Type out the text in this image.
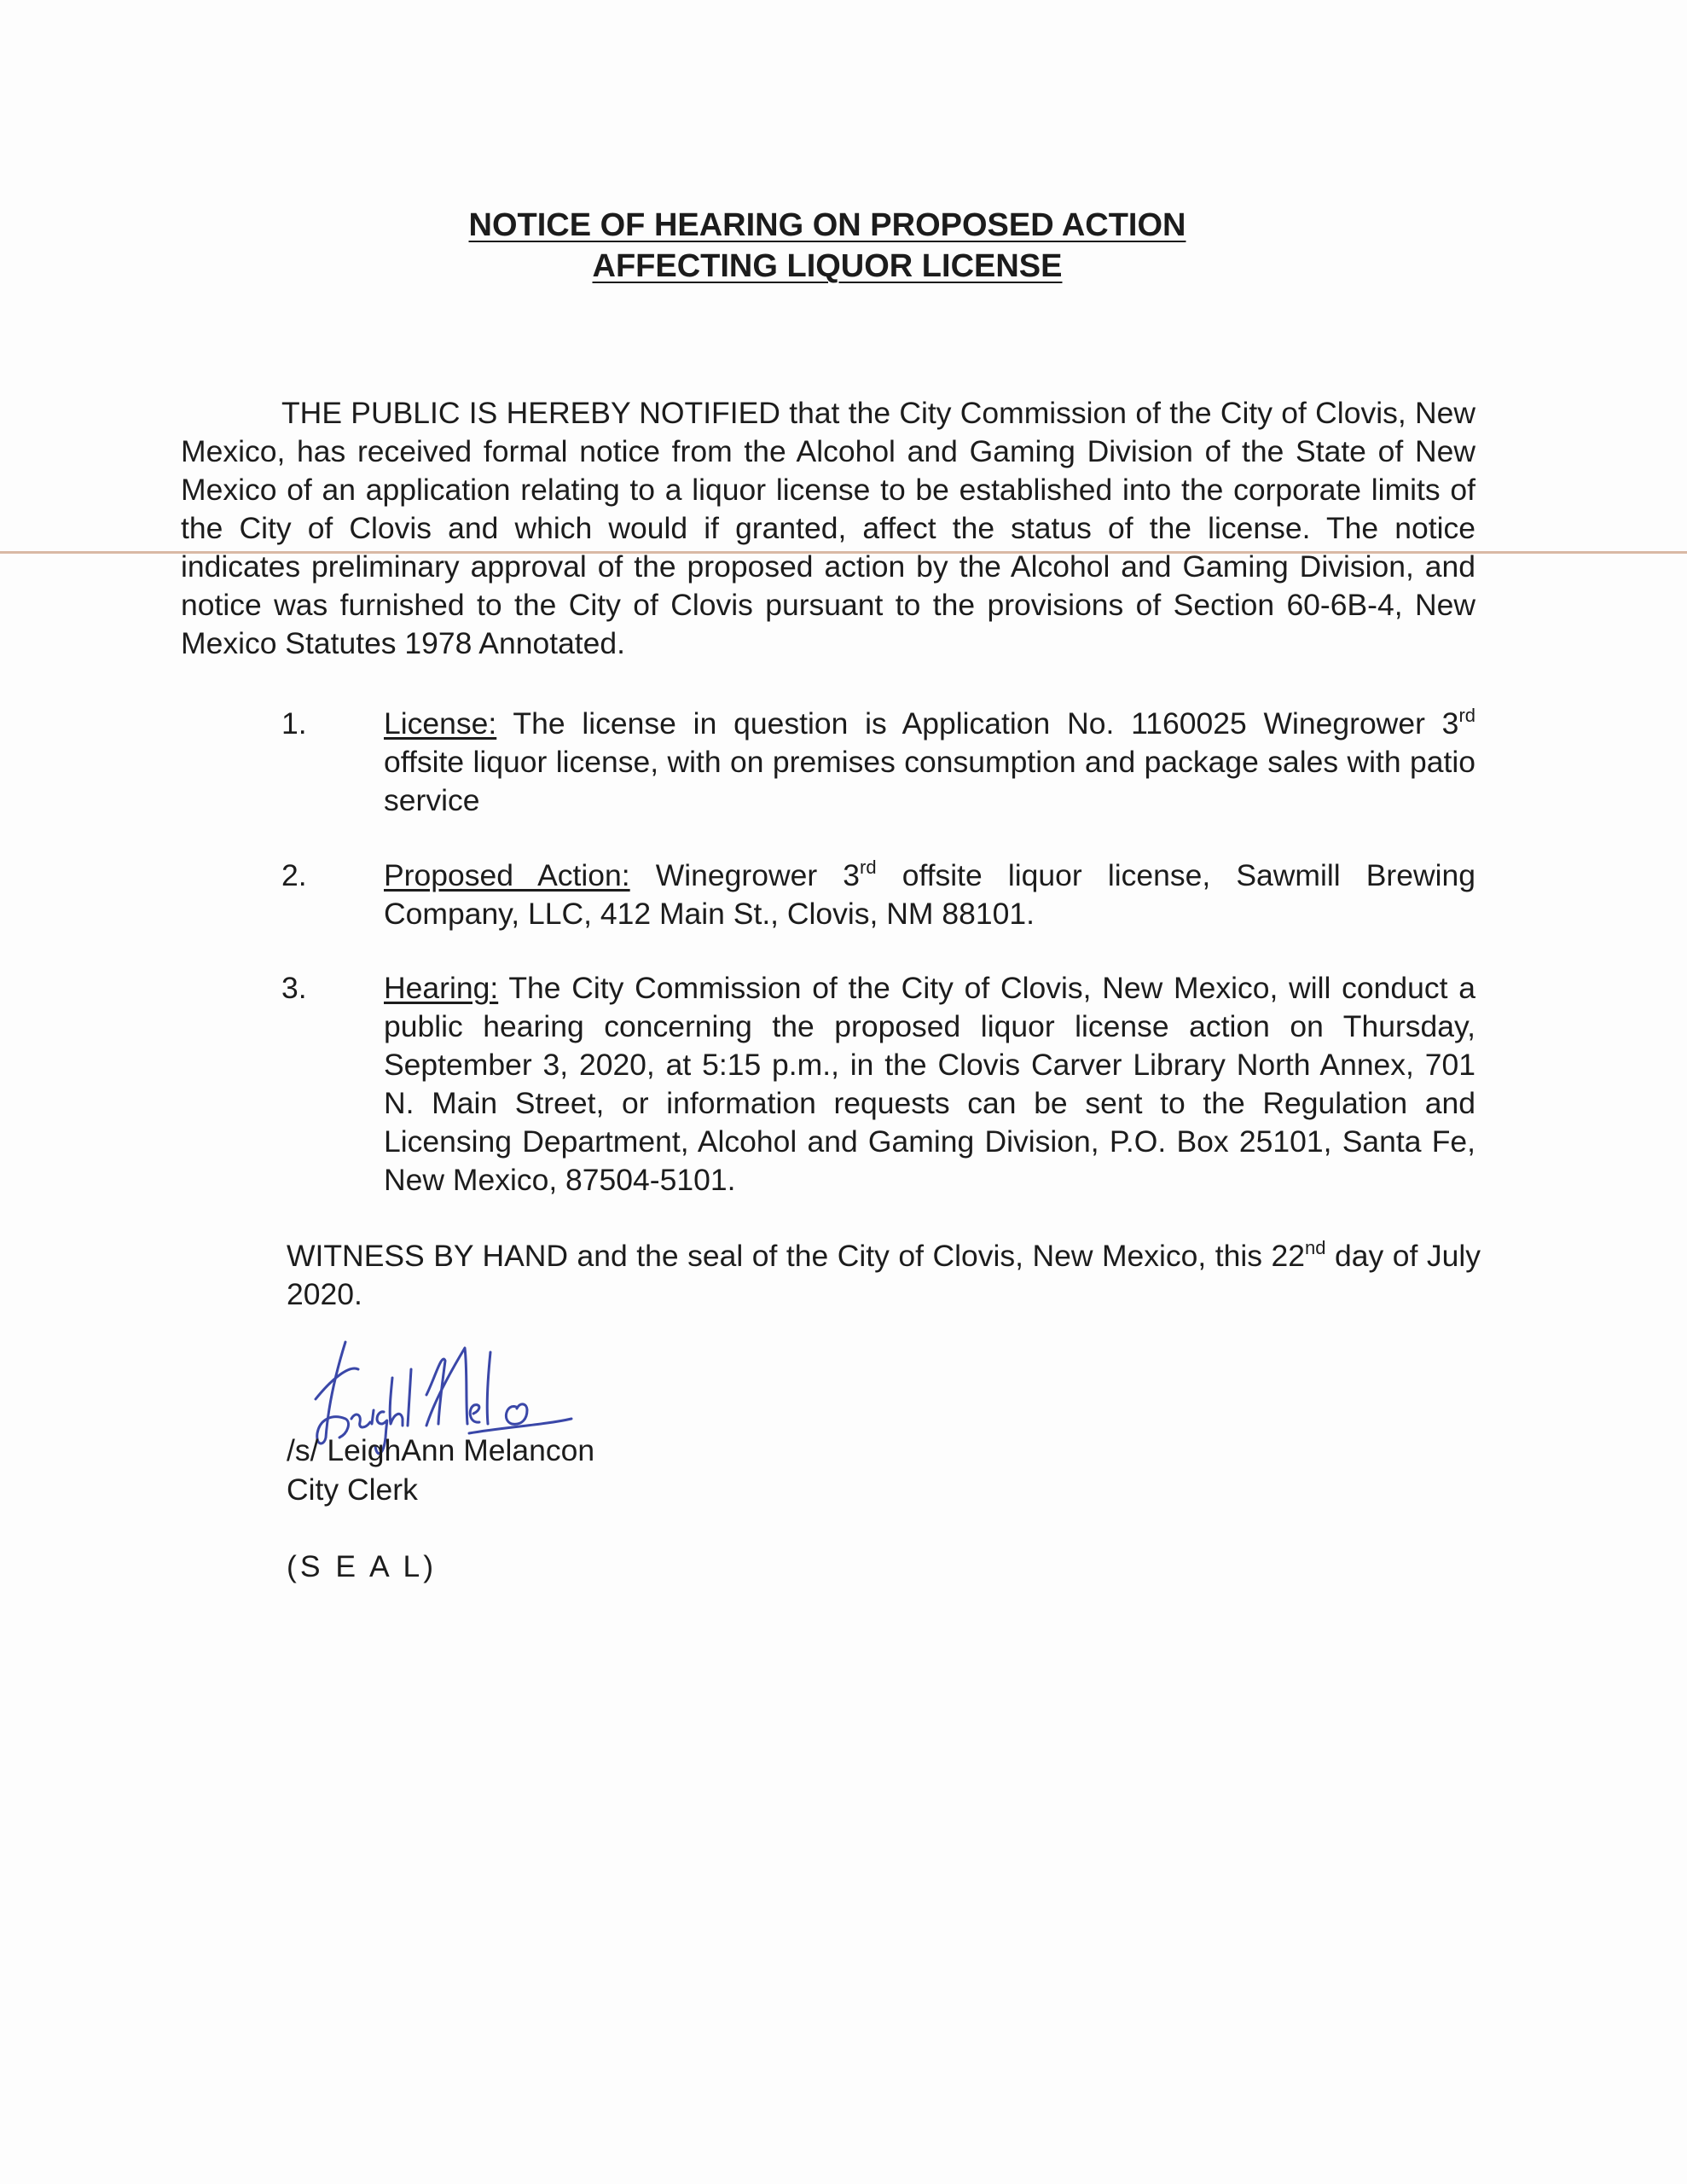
NOTICE OF HEARING ON PROPOSED ACTION
AFFECTING LIQUOR LICENSE

THE PUBLIC IS HEREBY NOTIFIED that the City Commission of the City of Clovis, New Mexico, has received formal notice from the Alcohol and Gaming Division of the State of New Mexico of an application relating to a liquor license to be established into the corporate limits of the City of Clovis and which would if granted, affect the status of the license. The notice indicates preliminary approval of the proposed action by the Alcohol and Gaming Division, and notice was furnished to the City of Clovis pursuant to the provisions of Section 60-6B-4, New Mexico Statutes 1978 Annotated.

1.	License: The license in question is Application No. 1160025 Winegrower 3rd offsite liquor license, with on premises consumption and package sales with patio service
2.	Proposed Action: Winegrower 3rd offsite liquor license, Sawmill Brewing Company, LLC, 412 Main St., Clovis, NM 88101.
3.	Hearing: The City Commission of the City of Clovis, New Mexico, will conduct a public hearing concerning the proposed liquor license action on Thursday, September 3, 2020, at 5:15 p.m., in the Clovis Carver Library North Annex, 701 N. Main Street, or information requests can be sent to the Regulation and Licensing Department, Alcohol and Gaming Division, P.O. Box 25101, Santa Fe, New Mexico, 87504-5101.
WITNESS BY HAND and the seal of the City of Clovis, New Mexico, this 22nd day of July 2020.
/s/ LeighAnn Melancon
City Clerk
(S E A L)
